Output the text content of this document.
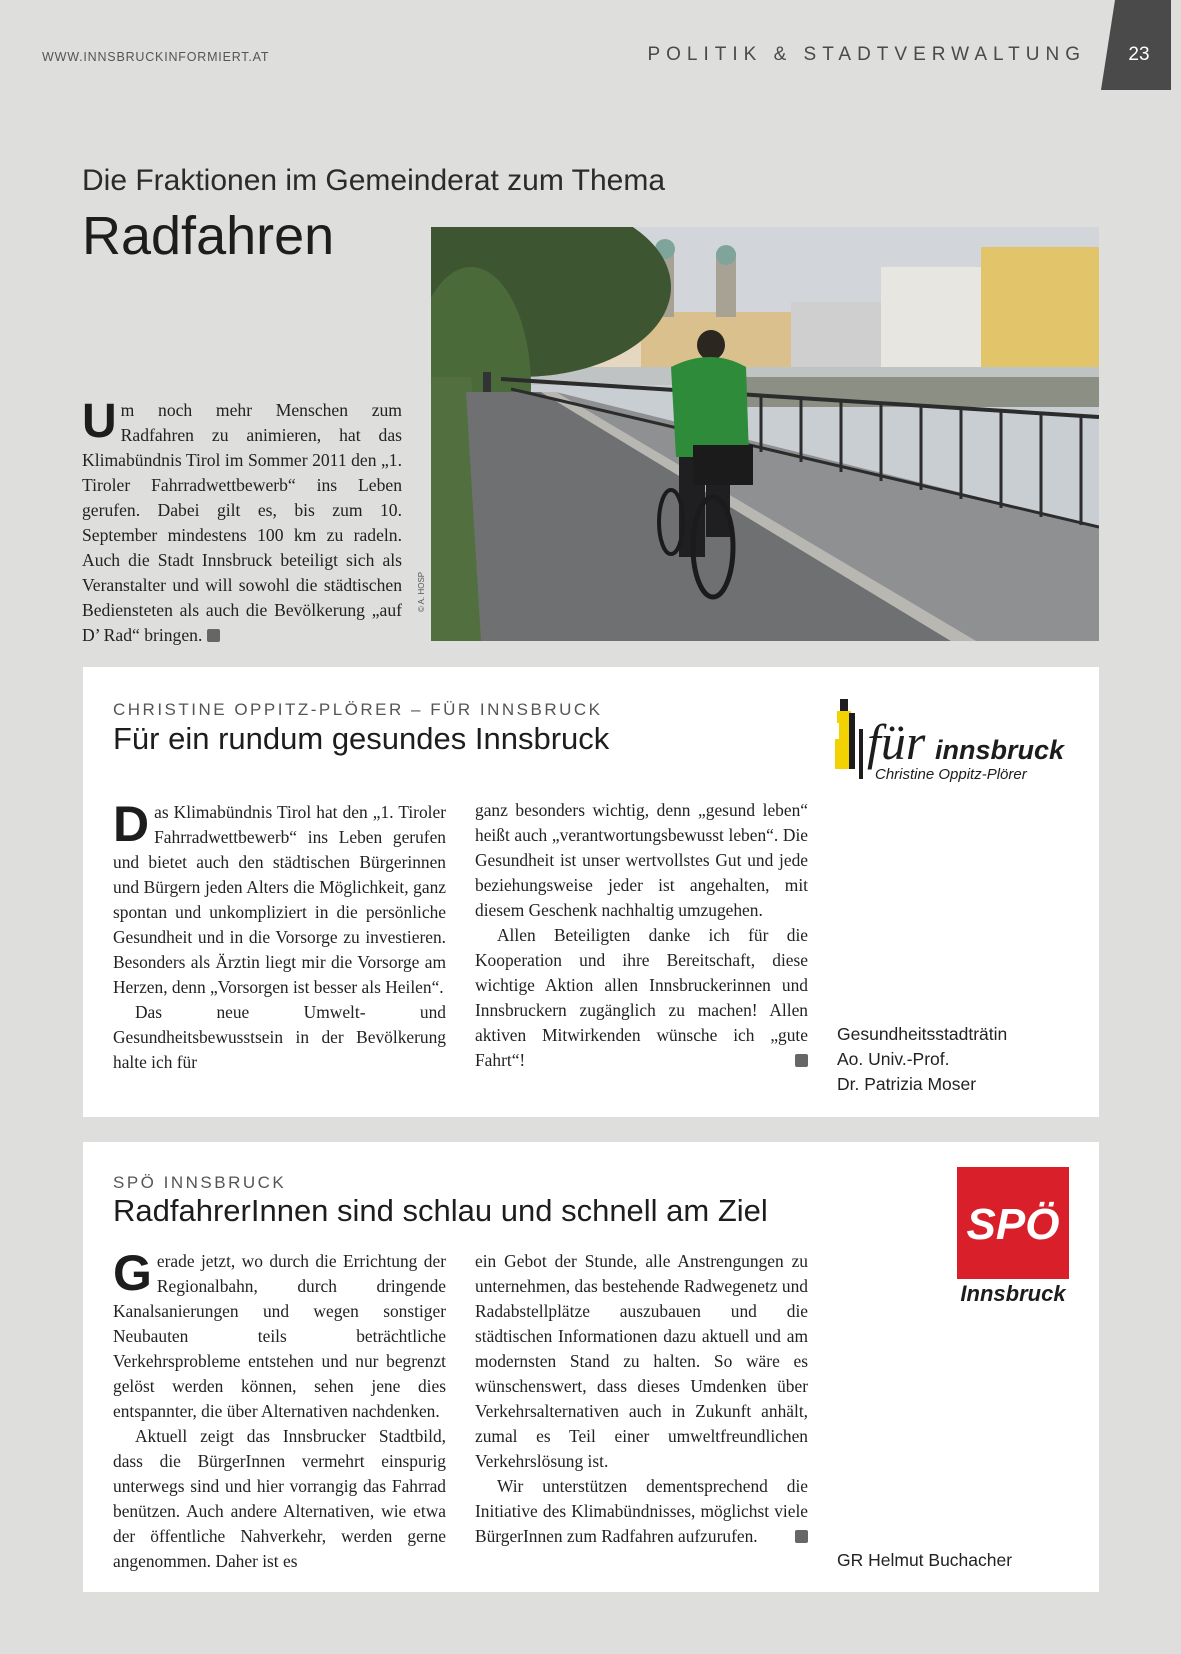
WWW.INNSBRUCKINFORMIERT.AT	POLITIK & STADTVERWALTUNG	23
Die Fraktionen im Gemeinderat zum Thema
Radfahren
Um noch mehr Menschen zum Radfahren zu animieren, hat das Klimabündnis Tirol im Sommer 2011 den „1. Tiroler Fahrradwettbewerb“ ins Leben gerufen. Dabei gilt es, bis zum 10. September mindestens 100 km zu radeln. Auch die Stadt Innsbruck beteiligt sich als Veranstalter und will sowohl die städtischen Bediensteten als auch die Bevölkerung „auf D’ Rad“ bringen.
© A. HOSP
CHRISTINE OPPITZ-PLÖRER – FÜR INNSBRUCK
Für ein rundum gesundes Innsbruck	für innsbruck
Christine Oppitz-Plörer

Das Klimabündnis Tirol hat den „1. Tiroler Fahrradwettbewerb“ ins Leben gerufen und bietet auch den städtischen Bürgerinnen und Bürgern jeden Alters die Möglichkeit, ganz spontan und unkompliziert in die persönliche Gesundheit und in die Vorsorge zu investieren. Besonders als Ärztin liegt mir die Vorsorge am Herzen, denn „Vorsorgen ist besser als Heilen“.

Das neue Umwelt- und Gesundheitsbewusstsein in der Bevölkerung halte ich für

ganz besonders wichtig, denn „gesund leben“ heißt auch „verantwortungsbewusst leben“. Die Gesundheit ist unser wertvollstes Gut und jede beziehungsweise jeder ist angehalten, mit diesem Geschenk nachhaltig umzugehen.

Allen Beteiligten danke ich für die Kooperation und ihre Bereitschaft, diese wichtige Aktion allen Innsbruckerinnen und Innsbruckern zugänglich zu machen! Allen aktiven Mitwirkenden wünsche ich „gute Fahrt“!

Gesundheitsstadträtin
Ao. Univ.-Prof.
Dr. Patrizia Moser
SPÖ INNSBRUCK
RadfahrerInnen sind schlau und schnell am Ziel	SPÖ
Innsbruck

Gerade jetzt, wo durch die Errichtung der Regionalbahn, durch dringende Kanalsanierungen und wegen sonstiger Neubauten teils beträchtliche Verkehrsprobleme entstehen und nur begrenzt gelöst werden können, sehen jene dies entspannter, die über Alternativen nachdenken.

Aktuell zeigt das Innsbrucker Stadtbild, dass die BürgerInnen vermehrt einspurig unterwegs sind und hier vorrangig das Fahrrad benützen. Auch andere Alternativen, wie etwa der öffentliche Nahverkehr, werden gerne angenommen. Daher ist es

ein Gebot der Stunde, alle Anstrengungen zu unternehmen, das bestehende Radwegenetz und Radabstellplätze auszubauen und die städtischen Informationen dazu aktuell und am modernsten Stand zu halten. So wäre es wünschenswert, dass dieses Umdenken über Verkehrsalternativen auch in Zukunft anhält, zumal es Teil einer umweltfreundlichen Verkehrslösung ist.

Wir unterstützen dementsprechend die Initiative des Klimabündnisses, möglichst viele BürgerInnen zum Radfahren aufzurufen.

GR Helmut Buchacher
